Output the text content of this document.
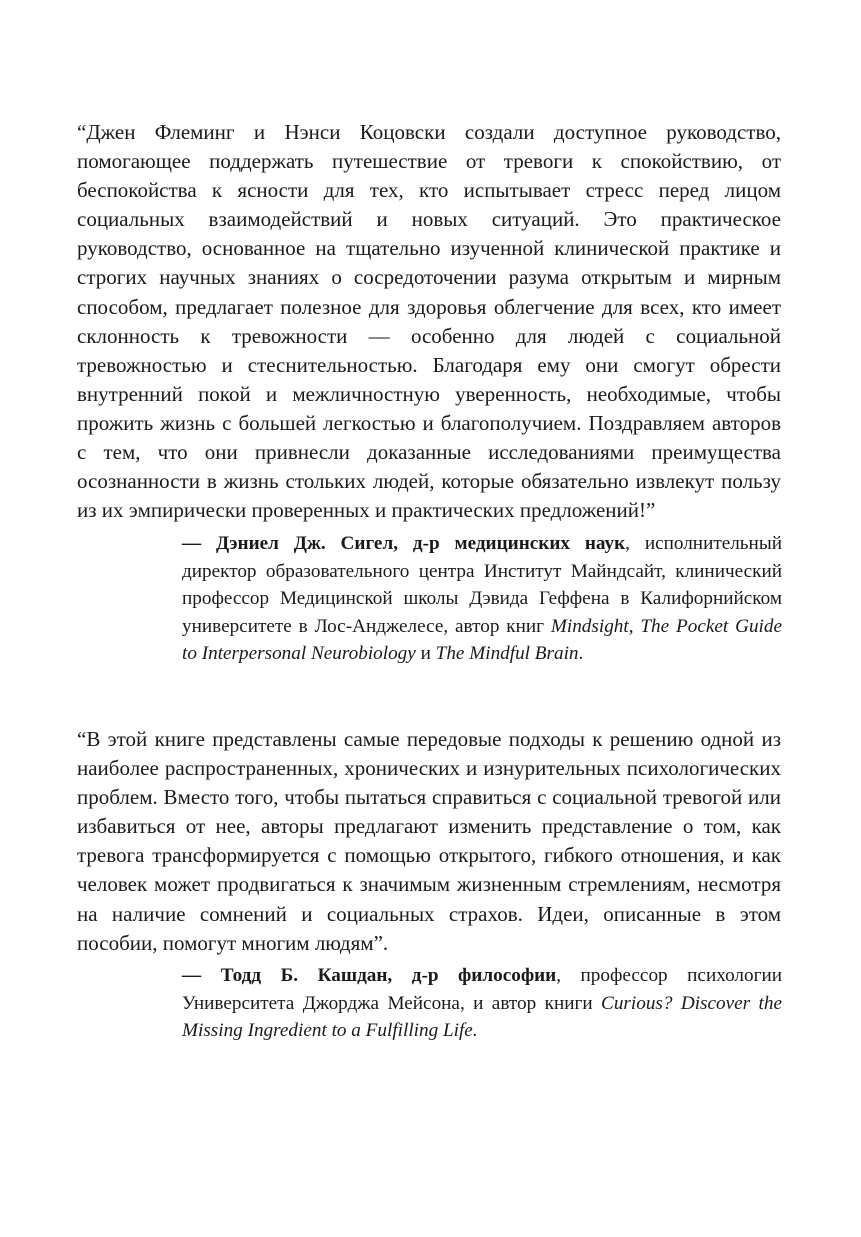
“Джен Флеминг и Нэнси Коцовски создали доступное руководство, помогающее поддержать путешествие от тревоги к спокойствию, от беспокойства к ясности для тех, кто испытывает стресс перед лицом социальных взаимодействий и новых ситуаций. Это практическое руководство, основанное на тщательно изученной клинической практике и строгих научных знаниях о сосредоточении разума открытым и мирным способом, предлагает полезное для здоровья облегчение для всех, кто имеет склонность к тревожности — особенно для людей с социальной тревожностью и стеснительностью. Благодаря ему они смогут обрести внутренний покой и межличностную уверенность, необходимые, чтобы прожить жизнь с большей легкостью и благополучием. Поздравляем авторов с тем, что они привнесли доказанные исследованиями преимущества осознанности в жизнь стольких людей, которые обязательно извлекут пользу из их эмпирически проверенных и практических предложений!”

— Дэниел Дж. Сигел, д-р медицинских наук, исполнительный директор образовательного центра Институт Майндсайт, клинический профессор Медицинской школы Дэвида Геффена в Калифорнийском университете в Лос-Анджелесе, автор книг Mindsight, The Pocket Guide to Interpersonal Neurobiology и The Mindful Brain.

“В этой книге представлены самые передовые подходы к решению одной из наиболее распространенных, хронических и изнурительных психологических проблем. Вместо того, чтобы пытаться справиться с социальной тревогой или избавиться от нее, авторы предлагают изменить представление о том, как тревога трансформируется с помощью открытого, гибкого отношения, и как человек может продвигаться к значимым жизненным стремлениям, несмотря на наличие сомнений и социальных страхов. Идеи, описанные в этом пособии, помогут многим людям”.

— Тодд Б. Кашдан, д-р философии, профессор психологии Университета Джорджа Мейсона, и автор книги Curious? Discover the Missing Ingredient to a Fulfilling Life.
